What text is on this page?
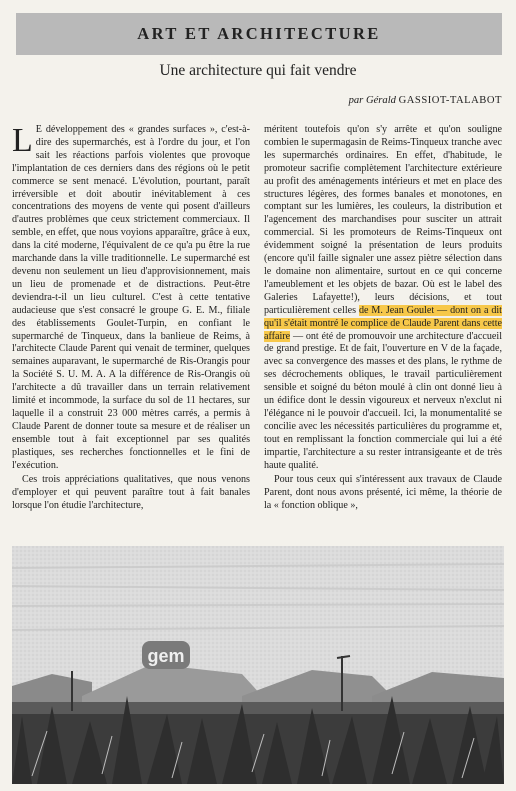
ART ET ARCHITECTURE
Une architecture qui fait vendre
par Gérald GASSIOT-TALABOT

L E développement des « grandes surfaces », c'est-à-dire des supermarchés, est à l'ordre du jour, et l'on sait les réactions parfois violentes que provoque l'implantation de ces derniers dans des régions où le petit commerce se sent menacé. L'évolution, pourtant, paraît irréversible et doit aboutir inévitablement à ces concentrations des moyens de vente qui posent d'ailleurs d'autres problèmes que ceux strictement commerciaux. Il semble, en effet, que nous voyions apparaître, grâce à eux, dans la cité moderne, l'équivalent de ce qu'a pu être la rue marchande dans la ville traditionnelle. Le supermarché est devenu non seulement un lieu d'approvisionnement, mais un lieu de promenade et de distractions. Peut-être deviendra-t-il un lieu culturel. C'est à cette tentative audacieuse que s'est consacré le groupe G. E. M., filiale des établissements Goulet-Turpin, en confiant le supermarché de Tinqueux, dans la banlieue de Reims, à l'architecte Claude Parent qui venait de terminer, quelques semaines auparavant, le supermarché de Ris-Orangis pour la Société S. U. M. A. A la différence de Ris-Orangis où l'architecte a dû travailler dans un terrain relativement limité et incommode, la surface du sol de 11 hectares, sur laquelle il a construit 23 000 mètres carrés, a permis à Claude Parent de donner toute sa mesure et de réaliser un ensemble tout à fait exceptionnel par ses qualités plastiques, ses recherches fonctionnelles et le fini de l'exécution.

Ces trois appréciations qualitatives, que nous venons d'employer et qui peuvent paraître tout à fait banales lorsque l'on étudie l'architecture,

méritent toutefois qu'on s'y arrête et qu'on souligne combien le supermagasin de Reims-Tinqueux tranche avec les supermarchés ordinaires. En effet, d'habitude, le promoteur sacrifie complètement l'architecture extérieure au profit des aménagements intérieurs et met en place des structures légères, des formes banales et monotones, en comptant sur les lumières, les couleurs, la distribution et l'agencement des marchandises pour susciter un attrait commercial. Si les promoteurs de Reims-Tinqueux ont évidemment soigné la présentation de leurs produits (encore qu'il faille signaler une assez piètre sélection dans le domaine non alimentaire, surtout en ce qui concerne l'ameublement et les objets de bazar. Où est le label des Galeries Lafayette!), leurs décisions, et tout particulièrement celles de M. Jean Goulet — dont on a dit qu'il s'était montré le complice de Claude Parent dans cette affaire — ont été de promouvoir une architecture d'accueil de grand prestige. Et de fait, l'ouverture en V de la façade, avec sa convergence des masses et des plans, le rythme de ses décrochements obliques, le travail particulièrement sensible et soigné du béton moulé à clin ont donné lieu à un édifice dont le dessin vigoureux et nerveux n'exclut ni l'élégance ni le pouvoir d'accueil. Ici, la monumentalité se concilie avec les nécessités particulières du programme et, tout en remplissant la fonction commerciale qui lui a été impartie, l'architecture a su rester intransigeante et de très haute qualité.

Pour tous ceux qui s'intéressent aux travaux de Claude Parent, dont nous avons présenté, ici même, la théorie de la « fonction oblique »,

gem
